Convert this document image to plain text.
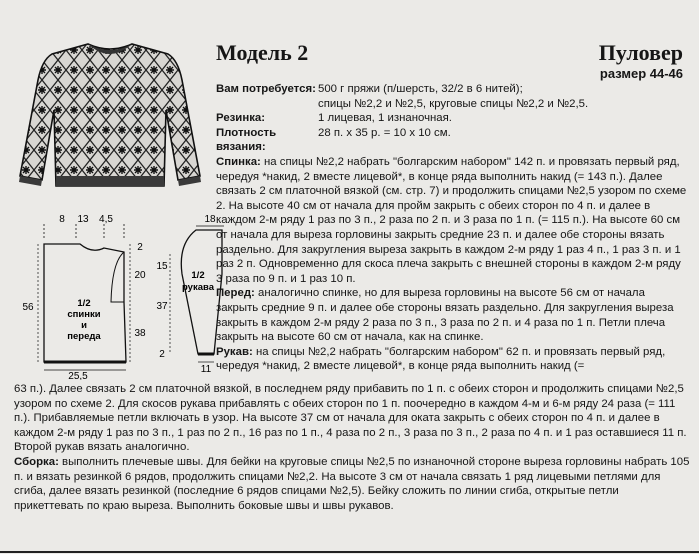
Модель 2	Пуловер
размер 44-46
Вам потребуется: 500 г пряжи (п/шерсть, 32/2 в 6 нитей);
спицы №2,2 и №2,5, круговые спицы №2,2 и №2,5.
Резинка:	1 лицевая, 1 изнаночная.
Плотность вязания:
28 п. х 35 р. = 10 х 10 см.

Спинка: на спицы №2,2 набрать "болгарским набором" 142 п. и провязать первый ряд, чередуя *накид, 2 вместе лицевой*, в конце ряда выполнить накид (= 143 п.). Далее связать 2 см платочной вязкой (см. стр. 7) и продолжить спицами №2,5 узором по схеме 2. На высоте 40 см от начала для пройм закрыть с обеих сторон по 4 п. и далее в каждом 2-м ряду 1 раз по 3 п., 2 раза по 2 п. и 3 раза по 1 п. (= 115 п.). На высоте 60 см от начала для выреза горловины закрыть средние 23 п. и далее обе стороны вязать раздельно. Для закругления выреза закрыть в каждом 2-м ряду 1 раз 4 п., 1 раз 3 п. и 1 раз 2 п. Одновременно для скоса плеча закрыть с внешней стороны в каждом 2-м ряду 3 раза по 9 п. и 1 раз 10 п.

Перед: аналогично спинке, но для выреза горловины на высоте 56 см от начала закрыть средние 9 п. и далее обе стороны вязать раздельно. Для закругления выреза закрыть в каждом 2-м ряду 2 раза по 3 п., 3 раза по 2 п. и 4 раза по 1 п. Петли плеча закрыть на высоте 60 см от начала, как на спинке.

Рукав: на спицы №2,2 набрать "болгарским набором" 62 п. и провязать первый ряд, чередуя *накид, 2 вместе лицевой*, в конце ряда выполнить накид (=

63 п.). Далее связать 2 см платочной вязкой, в последнем ряду прибавить по 1 п. с обеих сторон и продолжить спицами №2,5 узором по схеме 2. Для скосов рукава прибавлять с обеих сторон по 1 п. поочередно в каждом 4-м и 6-м ряду 24 раза (= 111 п.). Прибавляемые петли включать в узор. На высоте 37 см от начала для оката закрыть с обеих сторон по 4 п. и далее в каждом 2-м ряду 1 раз по 3 п., 1 раз по 2 п., 16 раз по 1 п., 4 раза по 2 п., 3 раза по 3 п., 2 раза по 4 п. и 1 раз оставшиеся 11 п.

Второй рукав вязать аналогично.

Сборка: выполнить плечевые швы. Для бейки на круговые спицы №2,5 по изнаночной стороне выреза горловины набрать 105 п. и вязать резинкой 6 рядов, продолжить спицами №2,2. На высоте 3 см от начала связать 1 ряд лицевыми петлями для сгиба, далее вязать резинкой (последние 6 рядов спицами №2,5). Бейку сложить по линии сгиба, открытые петли прикеттевать по краю выреза. Выполнить боковые швы и швы рукавов.

8 13 4,5
56
2
20
38
1/2
спинки
и
переда
25,5
18
15
37
2
1/2
рукава
11
